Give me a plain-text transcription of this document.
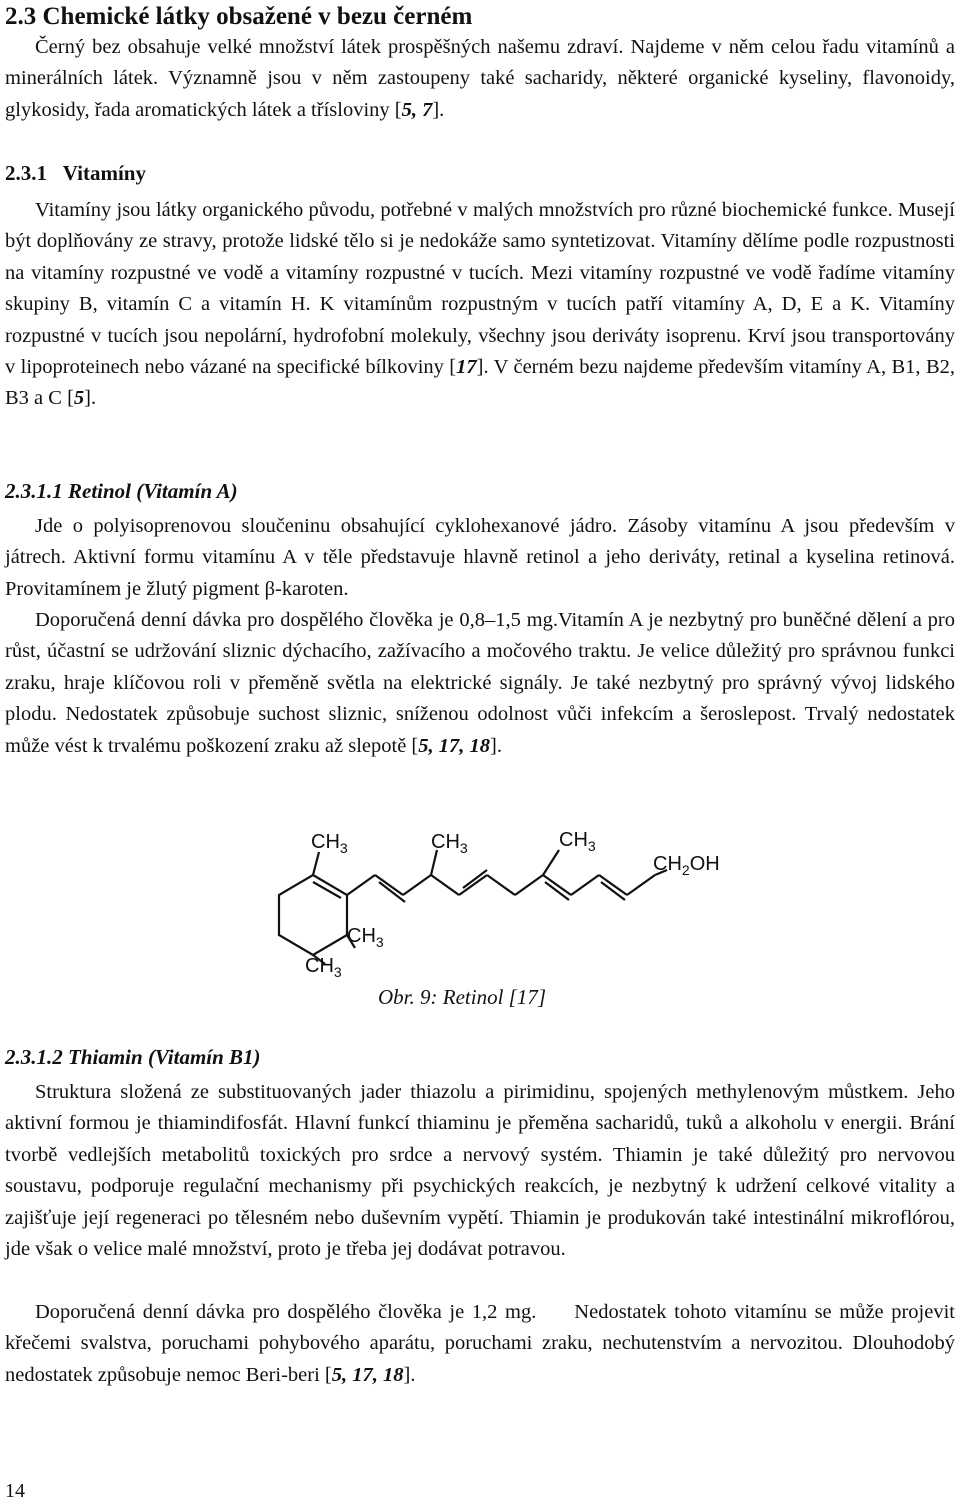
2.3 Chemické látky obsažené v bezu černém
Černý bez obsahuje velké množství látek prospěšných našemu zdraví. Najdeme v něm celou řadu vitamínů a minerálních látek. Významně jsou v něm zastoupeny také sacharidy, některé organické kyseliny, flavonoidy, glykosidy, řada aromatických látek a třísloviny [5, 7].
2.3.1 Vitamíny
Vitamíny jsou látky organického původu, potřebné v malých množstvích pro různé biochemické funkce. Musejí být doplňovány ze stravy, protože lidské tělo si je nedokáže samo syntetizovat. Vitamíny dělíme podle rozpustnosti na vitamíny rozpustné ve vodě a vitamíny rozpustné v tucích. Mezi vitamíny rozpustné ve vodě řadíme vitamíny skupiny B, vitamín C a vitamín H. K vitamínům rozpustným v tucích patří vitamíny A, D, E a K. Vitamíny rozpustné v tucích jsou nepolární, hydrofobní molekuly, všechny jsou deriváty isoprenu. Krví jsou transportovány v lipoproteinech nebo vázané na specifické bílkoviny [17]. V černém bezu najdeme především vitamíny A, B1, B2, B3 a C [5].
2.3.1.1 Retinol (Vitamín A)
Jde o polyisoprenovou sloučeninu obsahující cyklohexanové jádro. Zásoby vitamínu A jsou především v játrech. Aktivní formu vitamínu A v těle představuje hlavně retinol a jeho deriváty, retinal a kyselina retinová. Provitamínem je žlutý pigment β-karoten.
Doporučená denní dávka pro dospělého člověka je 0,8–1,5 mg.Vitamín A je nezbytný pro buněčné dělení a pro růst, účastní se udržování sliznic dýchacího, zažívacího a močového traktu. Je velice důležitý pro správnou funkci zraku, hraje klíčovou roli v přeměně světla na elektrické signály. Je také nezbytný pro správný vývoj lidského plodu. Nedostatek způsobuje suchost sliznic, sníženou odolnost vůči infekcím a šeroslepost. Trvalý nedostatek může vést k trvalému poškození zraku až slepotě [5, 17, 18].
$CH_3$	$CH_3$	$CH_3$
$CH_3$
$CH_3$
$CH_2OH$
Obr. 9: Retinol [17]
2.3.1.2 Thiamin (Vitamín B1)
Struktura složená ze substituovaných jader thiazolu a pirimidinu, spojených methylenovým můstkem. Jeho aktivní formou je thiamindifosfát. Hlavní funkcí thiaminu je přeměna sacharidů, tuků a alkoholu v energii. Brání tvorbě vedlejších metabolitů toxických pro srdce a nervový systém. Thiamin je také důležitý pro nervovou soustavu, podporuje regulační mechanismy při psychických reakcích, je nezbytný k udržení celkové vitality a zajišťuje její regeneraci po tělesném nebo duševním vypětí. Thiamin je produkován také intestinální mikroflórou, jde však o velice malé množství, proto je třeba jej dodávat potravou.
Doporučená denní dávka pro dospělého člověka je 1,2 mg.     Nedostatek tohoto vitamínu se může projevit křečemi svalstva, poruchami pohybového aparátu, poruchami zraku, nechutenstvím a nervozitou. Dlouhodobý nedostatek způsobuje nemoc Beri-beri [5, 17, 18].
14
